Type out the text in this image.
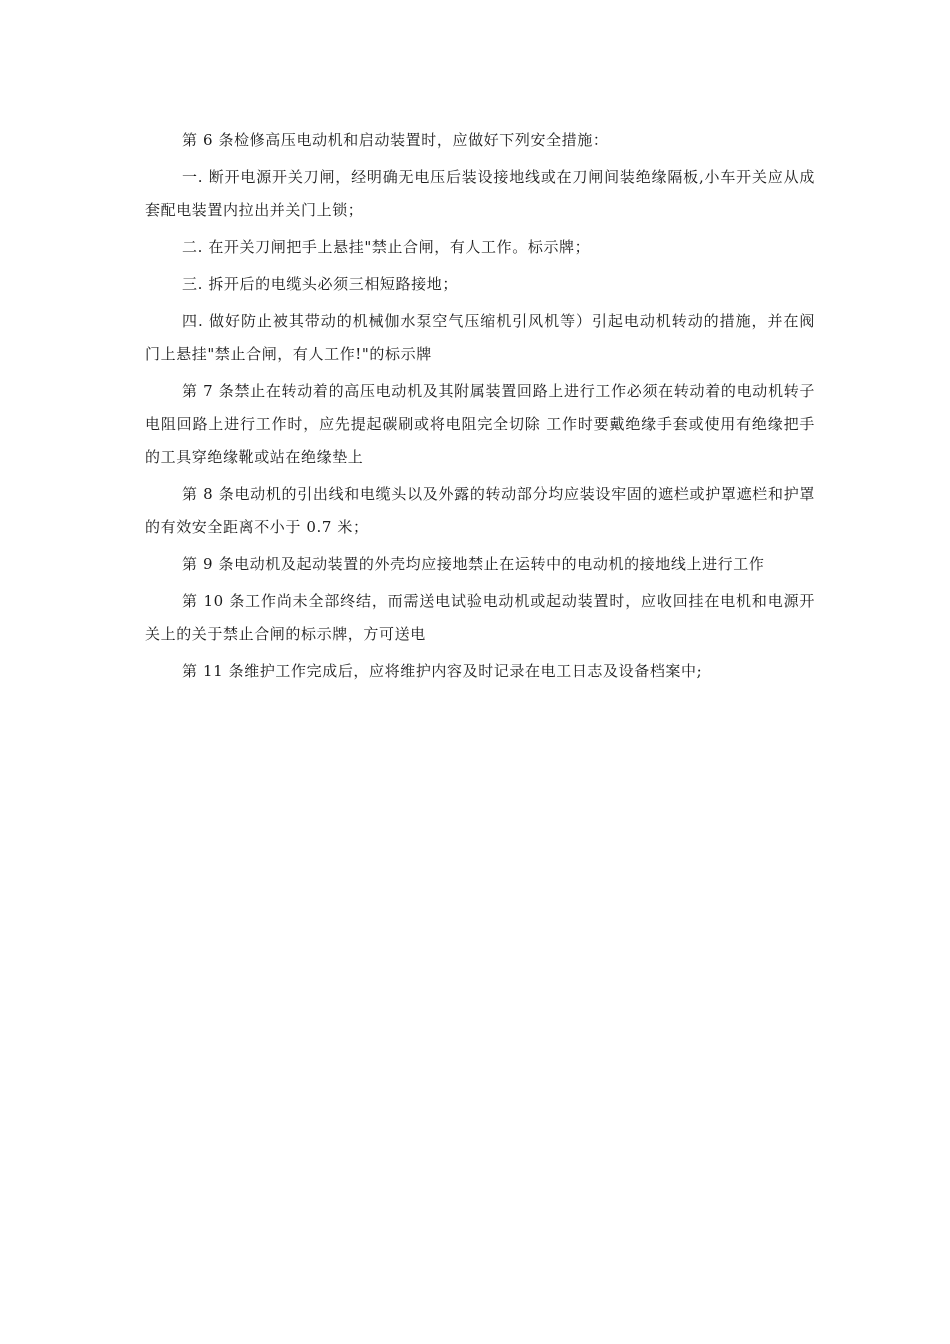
第 6 条检修高压电动机和启动装置时，应做好下列安全措施：

一. 断开电源开关刀闸，经明确无电压后装设接地线或在刀闸间装绝缘隔板,小车开关应从成套配电装置内拉出并关门上锁；

二. 在开关刀闸把手上悬挂"禁止合闸，有人工作。标示牌；

三. 拆开后的电缆头必须三相短路接地；

四. 做好防止被其带动的机械伽水泵空气压缩机引风机等）引起电动机转动的措施，并在阀门上悬挂"禁止合闸，有人工作!"的标示牌

第 7 条禁止在转动着的高压电动机及其附属装置回路上进行工作必须在转动着的电动机转子电阻回路上进行工作时，应先提起碳刷或将电阻完全切除 工作时要戴绝缘手套或使用有绝缘把手的工具穿绝缘靴或站在绝缘垫上

第 8 条电动机的引出线和电缆头以及外露的转动部分均应装设牢固的遮栏或护罩遮栏和护罩的有效安全距离不小于 0.7 米；

第 9 条电动机及起动装置的外壳均应接地禁止在运转中的电动机的接地线上进行工作

第 10 条工作尚未全部终结，而需送电试验电动机或起动装置时，应收回挂在电机和电源开关上的关于禁止合闸的标示牌，方可送电

第 11 条维护工作完成后，应将维护内容及时记录在电工日志及设备档案中;
